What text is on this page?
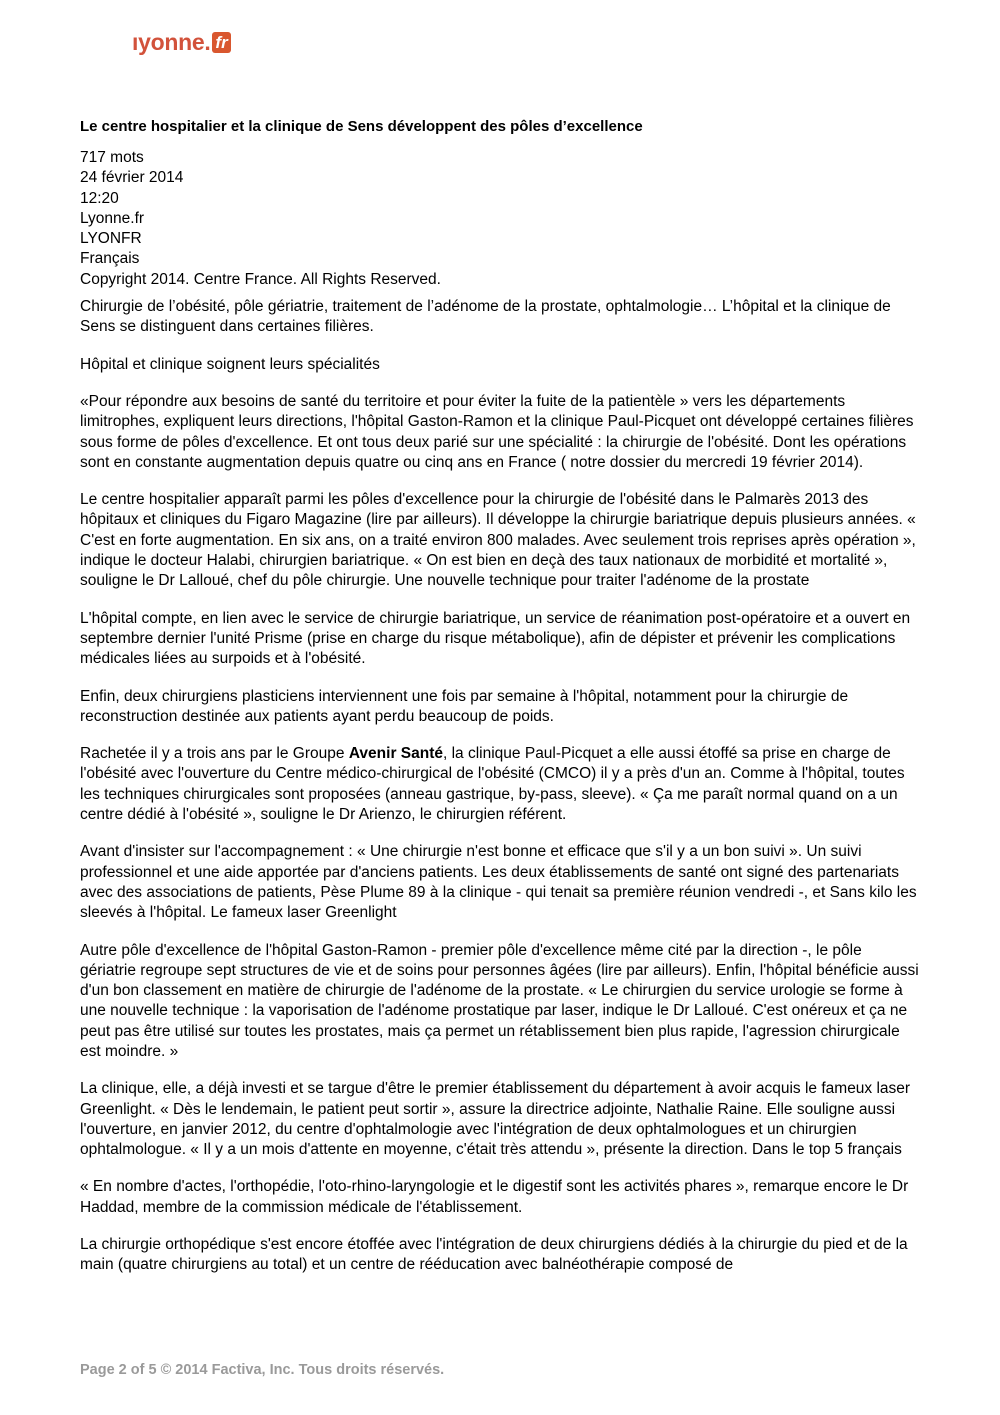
ıyonne. fr
Le centre hospitalier et la clinique de Sens développent des pôles d’excellence
717 mots
24 février 2014
12:20
Lyonne.fr
LYONFR
Français
Copyright 2014. Centre France. All Rights Reserved.

Chirurgie de l’obésité, pôle gériatrie, traitement de l’adénome de la prostate, ophtalmologie… L’hôpital et la clinique de Sens se distinguent dans certaines filières.

Hôpital et clinique soignent leurs spécialités

«Pour répondre aux besoins de santé du territoire et pour éviter la fuite de la patientèle » vers les départements limitrophes, expliquent leurs directions, l'hôpital Gaston-Ramon et la clinique Paul-Picquet ont développé certaines filières sous forme de pôles d'excellence. Et ont tous deux parié sur une spécialité : la chirurgie de l'obésité. Dont les opérations sont en constante augmentation depuis quatre ou cinq ans en France ( notre dossier du mercredi 19 février 2014).

Le centre hospitalier apparaît parmi les pôles d'excellence pour la chirurgie de l'obésité dans le Palmarès 2013 des hôpitaux et cliniques du Figaro Magazine (lire par ailleurs). Il développe la chirurgie bariatrique depuis plusieurs années. « C'est en forte augmentation. En six ans, on a traité environ 800 malades. Avec seulement trois reprises après opération », indique le docteur Halabi, chirurgien bariatrique. « On est bien en deçà des taux nationaux de morbidité et mortalité », souligne le Dr Lalloué, chef du pôle chirurgie. Une nouvelle technique pour traiter l'adénome de la prostate

L'hôpital compte, en lien avec le service de chirurgie bariatrique, un service de réanimation post-opératoire et a ouvert en septembre dernier l'unité Prisme (prise en charge du risque métabolique), afin de dépister et prévenir les complications médicales liées au surpoids et à l'obésité.

Enfin, deux chirurgiens plasticiens interviennent une fois par semaine à l'hôpital, notamment pour la chirurgie de reconstruction destinée aux patients ayant perdu beaucoup de poids.

Rachetée il y a trois ans par le Groupe Avenir Santé, la clinique Paul-Picquet a elle aussi étoffé sa prise en charge de l'obésité avec l'ouverture du Centre médico-chirurgical de l'obésité (CMCO) il y a près d'un an. Comme à l'hôpital, toutes les techniques chirurgicales sont proposées (anneau gastrique, by-pass, sleeve). « Ça me paraît normal quand on a un centre dédié à l'obésité », souligne le Dr Arienzo, le chirurgien référent.

Avant d'insister sur l'accompagnement : « Une chirurgie n'est bonne et efficace que s'il y a un bon suivi ». Un suivi professionnel et une aide apportée par d'anciens patients. Les deux établissements de santé ont signé des partenariats avec des associations de patients, Pèse Plume 89 à la clinique - qui tenait sa première réunion vendredi -, et Sans kilo les sleevés à l'hôpital. Le fameux laser Greenlight

Autre pôle d'excellence de l'hôpital Gaston-Ramon - premier pôle d'excellence même cité par la direction -, le pôle gériatrie regroupe sept structures de vie et de soins pour personnes âgées (lire par ailleurs). Enfin, l'hôpital bénéficie aussi d'un bon classement en matière de chirurgie de l'adénome de la prostate. « Le chirurgien du service urologie se forme à une nouvelle technique : la vaporisation de l'adénome prostatique par laser, indique le Dr Lalloué. C'est onéreux et ça ne peut pas être utilisé sur toutes les prostates, mais ça permet un rétablissement bien plus rapide, l'agression chirurgicale est moindre. »

La clinique, elle, a déjà investi et se targue d'être le premier établissement du département à avoir acquis le fameux laser Greenlight. « Dès le lendemain, le patient peut sortir », assure la directrice adjointe, Nathalie Raine. Elle souligne aussi l'ouverture, en janvier 2012, du centre d'ophtalmologie avec l'intégration de deux ophtalmologues et un chirurgien ophtalmologue. « Il y a un mois d'attente en moyenne, c'était très attendu », présente la direction. Dans le top 5 français

« En nombre d'actes, l'orthopédie, l'oto-rhino-laryngologie et le digestif sont les activités phares », remarque encore le Dr Haddad, membre de la commission médicale de l'établissement.

La chirurgie orthopédique s'est encore étoffée avec l'intégration de deux chirurgiens dédiés à la chirurgie du pied et de la main (quatre chirurgiens au total) et un centre de rééducation avec balnéothérapie composé de

Page 2 of 5 © 2014 Factiva, Inc. Tous droits réservés.
